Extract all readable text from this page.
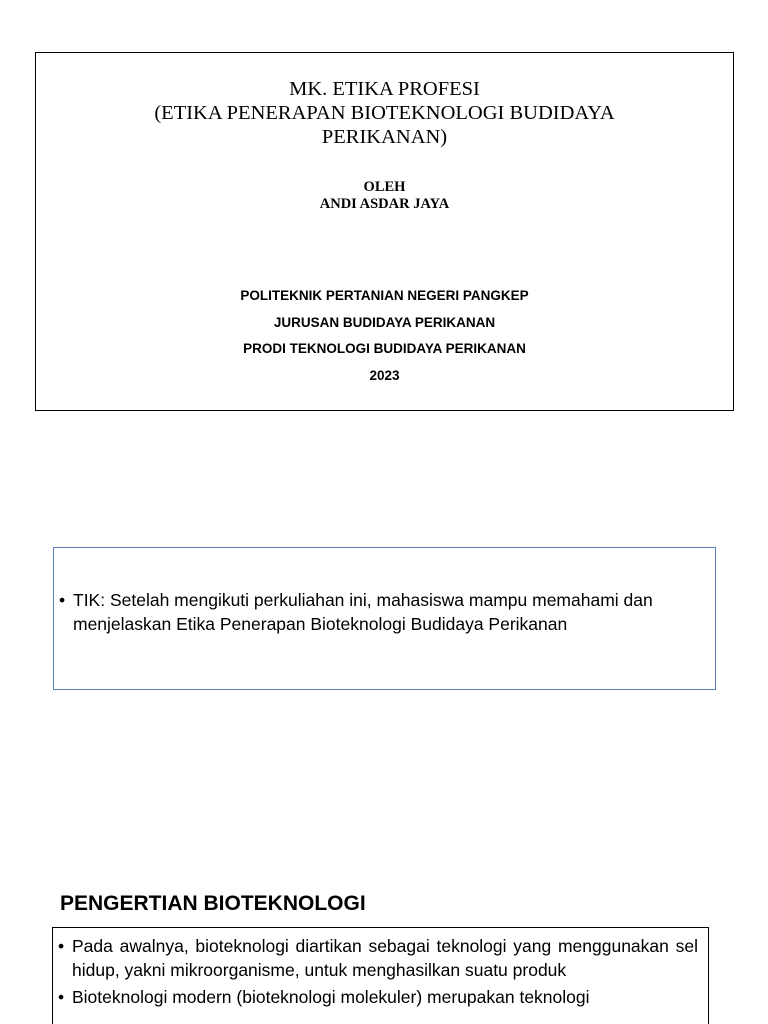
MK. ETIKA PROFESI
(ETIKA PENERAPAN BIOTEKNOLOGI BUDIDAYA
PERIKANAN)
OLEH
ANDI ASDAR JAYA
POLITEKNIK PERTANIAN NEGERI PANGKEP
JURUSAN BUDIDAYA PERIKANAN
PRODI TEKNOLOGI BUDIDAYA PERIKANAN
2023
• TIK: Setelah mengikuti perkuliahan ini, mahasiswa mampu memahami dan menjelaskan Etika Penerapan Bioteknologi Budidaya Perikanan
PENGERTIAN BIOTEKNOLOGI
• Pada awalnya, bioteknologi diartikan sebagai teknologi yang menggunakan sel hidup, yakni mikroorganisme, untuk menghasilkan suatu produk
• Bioteknologi modern (bioteknologi molekuler) merupakan teknologi
